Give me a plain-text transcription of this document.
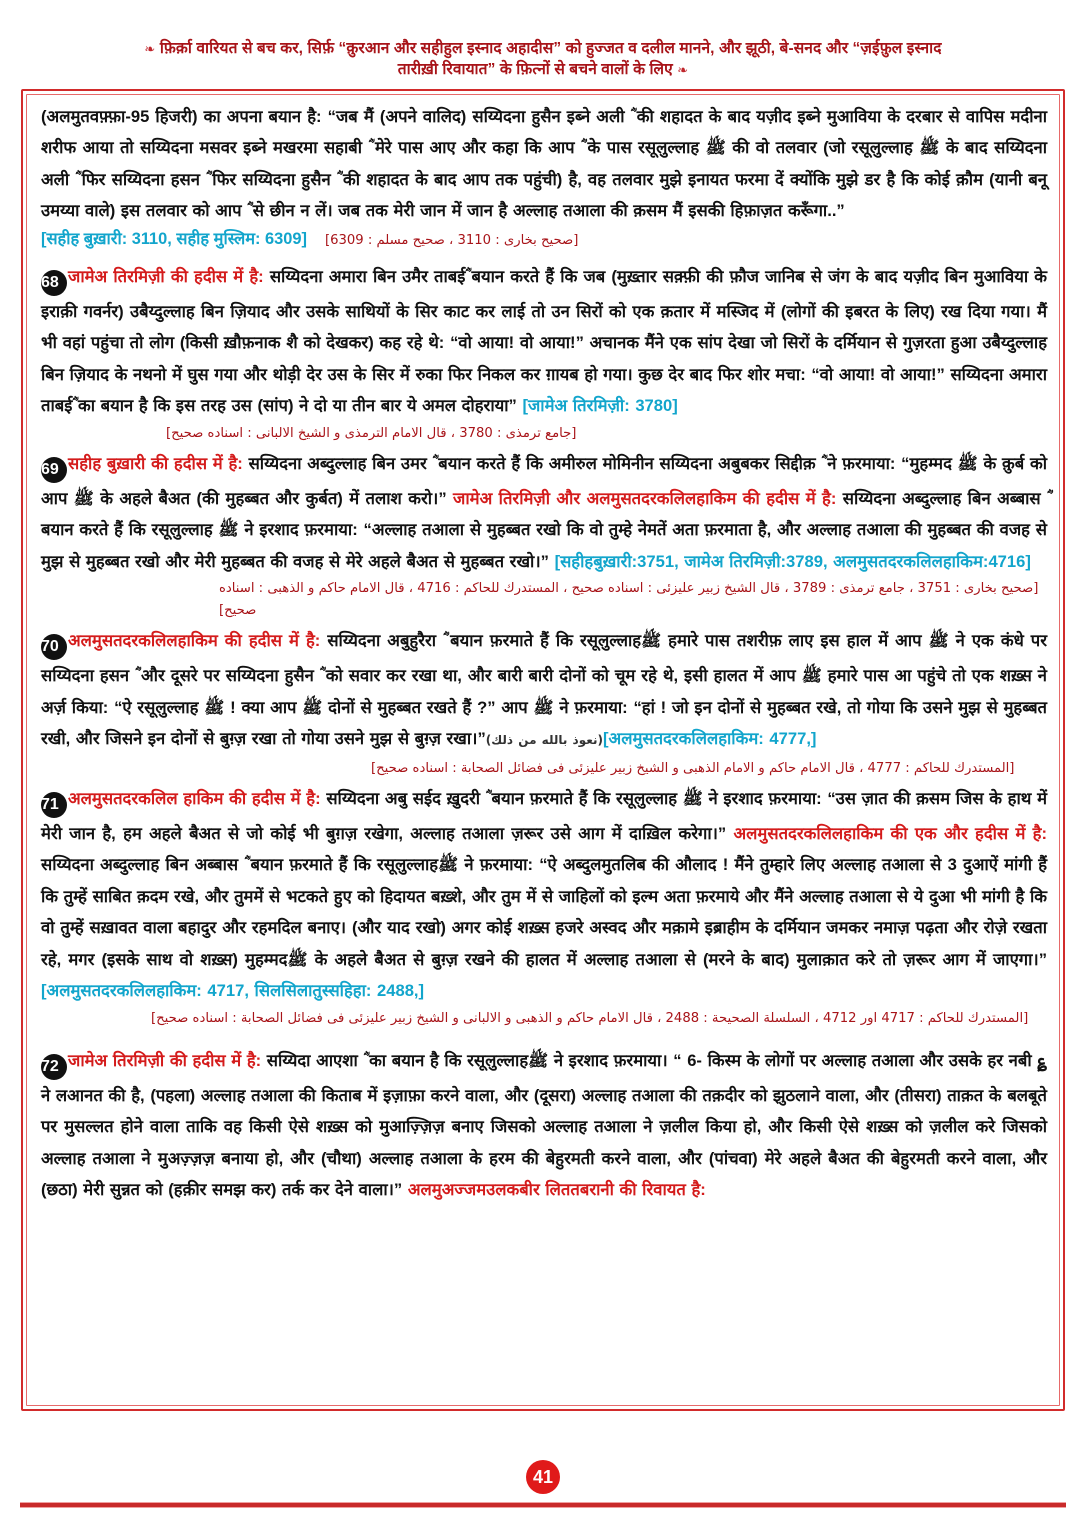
❧ फ़िर्क़ा वारियत से बच कर, सिर्फ़ “क़ुरआन और सहीहुल इस्नाद अहादीस” को हुज्जत व दलील मानने, और झूठी, बे-सनद और “ज़ईफ़ुल इस्नाद
तारीख़ी रिवायात” के फ़ित्नों से बचने वालों के लिए ❧

(अलमुतवफ़्फ़ा-95 हिजरी) का अपना बयान है: “जब मैं (अपने वालिद) सय्यिदना हुसैन इब्ने अली ؓ की शहादत के बाद यज़ीद इब्ने मुआविया के दरबार से वापिस मदीना शरीफ आया तो सय्यिदना मसवर इब्ने मखरमा सहाबी ؓ मेरे पास आए और कहा कि आप ؓ के पास रसूलुल्लाह ﷺ की वो तलवार (जो रसूलुल्लाह ﷺ के बाद सय्यिदना अली ؓ फिर सय्यिदना हसन ؓ फिर सय्यिदना हुसैन ؓ की शहादत के बाद आप तक पहुंची) है, वह तलवार मुझे इनायत फरमा दें क्योंकि मुझे डर है कि कोई क़ौम (यानी बनू उमय्या वाले) इस तलवार को आप ؓ से छीन न लें। जब तक मेरी जान में जान है अल्लाह तआला की क़सम मैं इसकी हिफ़ाज़त करूँगा..”

[सहीह बुख़ारी: 3110, सहीह मुस्लिम: 6309] [صحيح بخارى : 3110 ، صحيح مسلم : 6309]

68 जामेअ तिरमिज़ी की हदीस में है: सय्यिदना अमारा बिन उमैर ताबईؓ बयान करते हैं कि जब (मुख़्तार सक़्फ़ी की फ़ौज जानिब से जंग के बाद यज़ीद बिन मुआविया के इराक़ी गवर्नर) उबैय्दुल्लाह बिन ज़ियाद और उसके साथियों के सिर काट कर लाई तो उन सिरों को एक क़तार में मस्जिद में (लोगों की इबरत के लिए) रख दिया गया। मैं भी वहां पहुंचा तो लोग (किसी ख़ौफ़नाक शै को देखकर) कह रहे थे: “वो आया! वो आया!” अचानक मैंने एक सांप देखा जो सिरों के दर्मियान से गुज़रता हुआ उबैय्दुल्लाह बिन ज़ियाद के नथनो में घुस गया और थोड़ी देर उस के सिर में रुका फिर निकल कर ग़ायब हो गया। कुछ देर बाद फिर शोर मचा: “वो आया! वो आया!” सय्यिदना अमारा ताबईؓ का बयान है कि इस तरह उस (सांप) ने दो या तीन बार ये अमल दोहराया” [जामेअ तिरमिज़ी: 3780]

[جامع ترمذى : 3780 ، قال الامام الترمذى و الشيخ الالبانى : اسناده صحيح]

69 सहीह बुख़ारी की हदीस में है: सय्यिदना अब्दुल्लाह बिन उमर ؓ बयान करते हैं कि अमीरुल मोमिनीन सय्यिदना अबुबकर सिद्दीक़ ؓ ने फ़रमाया: “मुहम्मद ﷺ के क़ुर्ब को आप ﷺ के अहले बैअत (की मुहब्बत और कुर्बत) में तलाश करो।” जामेअ तिरमिज़ी और अलमुसतदरकलिलहाकिम की हदीस में है: सय्यिदना अब्दुल्लाह बिन अब्बास ؓ बयान करते हैं कि रसूलुल्लाह ﷺ ने इरशाद फ़रमाया: “अल्लाह तआला से मुहब्बत रखो कि वो तुम्हे नेमतें अता फ़रमाता है, और अल्लाह तआला की मुहब्बत की वजह से मुझ से मुहब्बत रखो और मेरी मुहब्बत की वजह से मेरे अहले बैअत से मुहब्बत रखो।” [सहीहबुख़ारी:3751, जामेअ तिरमिज़ी:3789, अलमुसतदरकलिलहाकिम:4716]

[صحيح بخارى : 3751 ، جامع ترمذى : 3789 ، قال الشيخ زبير عليزئى : اسناده صحيح ، المستدرك للحاكم : 4716 ، قال الامام حاكم و الذهبى : اسناده صحيح]

70 अलमुसतदरकलिलहाकिम की हदीस में है: सय्यिदना अबुहुरैरा ؓ बयान फ़रमाते हैं कि रसूलुल्लाहﷺ हमारे पास तशरीफ़ लाए इस हाल में आप ﷺ ने एक कंधे पर सय्यिदना हसन ؓ और दूसरे पर सय्यिदना हुसैन ؓ को सवार कर रखा था, और बारी बारी दोनों को चूम रहे थे, इसी हालत में आप ﷺ हमारे पास आ पहुंचे तो एक शख़्स ने अर्ज़ किया: “ऐ रसूलुल्लाह ﷺ ! क्या आप ﷺ दोनों से मुहब्बत रखते हैं ?” आप ﷺ ने फ़रमाया: “हां ! जो इन दोनों से मुहब्बत रखे, तो गोया कि उसने मुझ से मुहब्बत रखी, और जिसने इन दोनों से बुग़्ज़ रखा तो गोया उसने मुझ से बुग़्ज़ रखा।”(نعوذ بالله من ذلك)[अलमुसतदरकलिलहाकिम: 4777,]

[المستدرك للحاكم : 4777 ، قال الامام حاكم و الامام الذهبى و الشيخ زبير عليزئى فى فضائل الصحابة : اسناده صحيح]

71 अलमुसतदरकलिल हाकिम की हदीस में है: सय्यिदना अबु सईद ख़ुदरी ؓ बयान फ़रमाते हैं कि रसूलुल्लाह ﷺ ने इरशाद फ़रमाया: “उस ज़ात की क़सम जिस के हाथ में मेरी जान है, हम अहले बैअत से जो कोई भी बुग़ज़ रखेगा, अल्लाह तआला ज़रूर उसे आग में दाख़िल करेगा।” अलमुसतदरकलिलहाकिम की एक और हदीस में है: सय्यिदना अब्दुल्लाह बिन अब्बास ؓ बयान फ़रमाते हैं कि रसूलुल्लाहﷺ ने फ़रमाया: “ऐ अब्दुलमुतलिब की औलाद ! मैंने तुम्हारे लिए अल्लाह तआला से 3 दुआऐं मांगी हैं कि तुम्हें साबित क़दम रखे, और तुममें से भटकते हुए को हिदायत बख़्शे, और तुम में से जाहिलों को इल्म अता फ़रमाये और मैंने अल्लाह तआला से ये दुआ भी मांगी है कि वो तुम्हें सख़ावत वाला बहादुर और रहमदिल बनाए। (और याद रखो) अगर कोई शख़्स हजरे अस्वद और मक़ामे इब्राहीम के दर्मियान जमकर नमाज़ पढ़ता और रोज़े रखता रहे, मगर (इसके साथ वो शख़्स) मुहम्मदﷺ के अहले बैअत से बुग़्ज़ रखने की हालत में अल्लाह तआला से (मरने के बाद) मुलाक़ात करे तो ज़रूर आग में जाएगा।” [अलमुसतदरकलिलहाकिम: 4717, सिलसिलातुस्सहिहा: 2488,]

[المستدرك للحاكم : 4717 اور 4712 ، السلسلة الصحيحة : 2488 ، قال الامام حاكم و الذهبى و الالبانى و الشيخ زبير عليزئى فى فضائل الصحابة : اسناده صحيح]

72 जामेअ तिरमिज़ी की हदीस में है: सय्यिदा आएशा ؓ का बयान है कि रसूलुल्लाहﷺ ने इरशाद फ़रमाया। “ 6- किस्म के लोगों पर अल्लाह तआला और उसके हर नबी ؏ ने लआनत की है, (पहला) अल्लाह तआला की किताब में इज़ाफ़ा करने वाला, और (दूसरा) अल्लाह तआला की तक़दीर को झुठलाने वाला, और (तीसरा) ताक़त के बलबूते पर मुसल्लत होने वाला ताकि वह किसी ऐसे शख़्स को मुआज़्ज़िज़ बनाए जिसको अल्लाह तआला ने ज़लील किया हो, और किसी ऐसे शख़्स को ज़लील करे जिसको अल्लाह तआला ने मुअज़्ज़ज़ बनाया हो, और (चौथा) अल्लाह तआला के हरम की बेहुरमती करने वाला, और (पांचवा) मेरे अहले बैअत की बेहुरमती करने वाला, और (छठा) मेरी सुन्नत को (हक़ीर समझ कर) तर्क कर देने वाला।” अलमुअज्जमउलकबीर लिततबरानी की रिवायत है:

41
